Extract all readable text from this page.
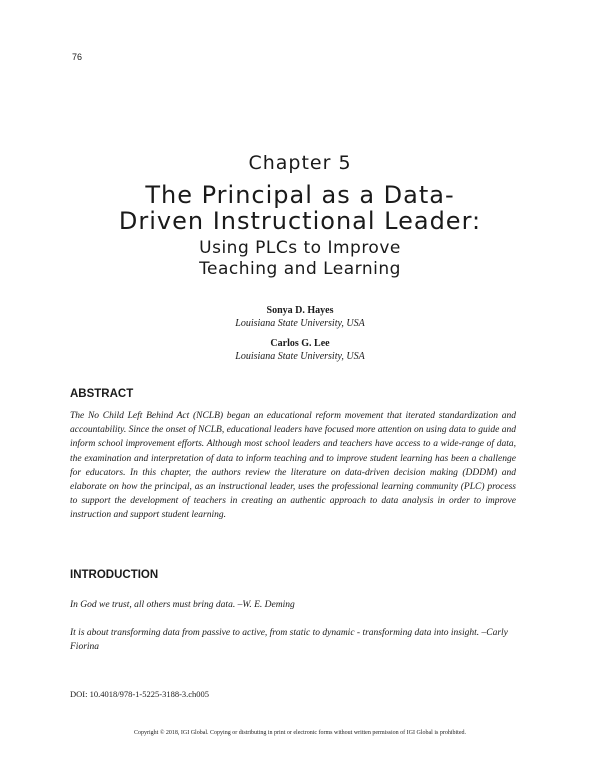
76

Chapter 5

The Principal as a Data-
Driven Instructional Leader:
Using PLCs to Improve
Teaching and Learning
Sonya D. Hayes
Louisiana State University, USA
Carlos G. Lee
Louisiana State University, USA
ABSTRACT
The No Child Left Behind Act (NCLB) began an educational reform movement that iterated standardization and accountability. Since the onset of NCLB, educational leaders have focused more attention on using data to guide and inform school improvement efforts. Although most school leaders and teachers have access to a wide-range of data, the examination and interpretation of data to inform teaching and to improve student learning has been a challenge for educators. In this chapter, the authors review the literature on data-driven decision making (DDDM) and elaborate on how the principal, as an instructional leader, uses the professional learning community (PLC) process to support the development of teachers in creating an authentic approach to data analysis in order to improve instruction and support student learning.
INTRODUCTION
In God we trust, all others must bring data. –W. E. Deming
It is about transforming data from passive to active, from static to dynamic - transforming data into insight. –Carly Fiorina
DOI: 10.4018/978-1-5225-3188-3.ch005
Copyright © 2018, IGI Global. Copying or distributing in print or electronic forms without written permission of IGI Global is prohibited.
